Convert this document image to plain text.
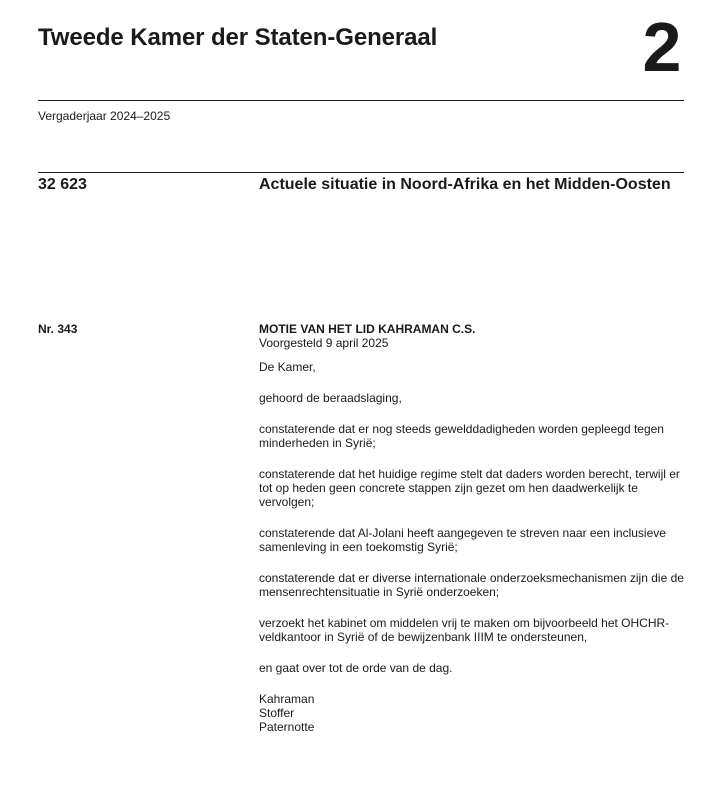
Tweede Kamer der Staten-Generaal	2
Vergaderjaar 2024–2025
32 623	Actuele situatie in Noord-Afrika en het Midden-Oosten
Nr. 343	MOTIE VAN HET LID KAHRAMAN C.S.

Voorgesteld 9 april 2025

De Kamer,

gehoord de beraadslaging,

constaterende dat er nog steeds gewelddadigheden worden gepleegd tegen minderheden in Syrië;

constaterende dat het huidige regime stelt dat daders worden berecht, terwijl er tot op heden geen concrete stappen zijn gezet om hen daadwerkelijk te vervolgen;

constaterende dat Al-Jolani heeft aangegeven te streven naar een inclusieve samenleving in een toekomstig Syrië;

constaterende dat er diverse internationale onderzoeksmechanismen zijn die de mensenrechtensituatie in Syrië onderzoeken;

verzoekt het kabinet om middelen vrij te maken om bijvoorbeeld het OHCHR-veldkantoor in Syrië of de bewijzenbank IIIM te ondersteunen,

en gaat over tot de orde van de dag.

Kahraman
Stoffer
Paternotte
